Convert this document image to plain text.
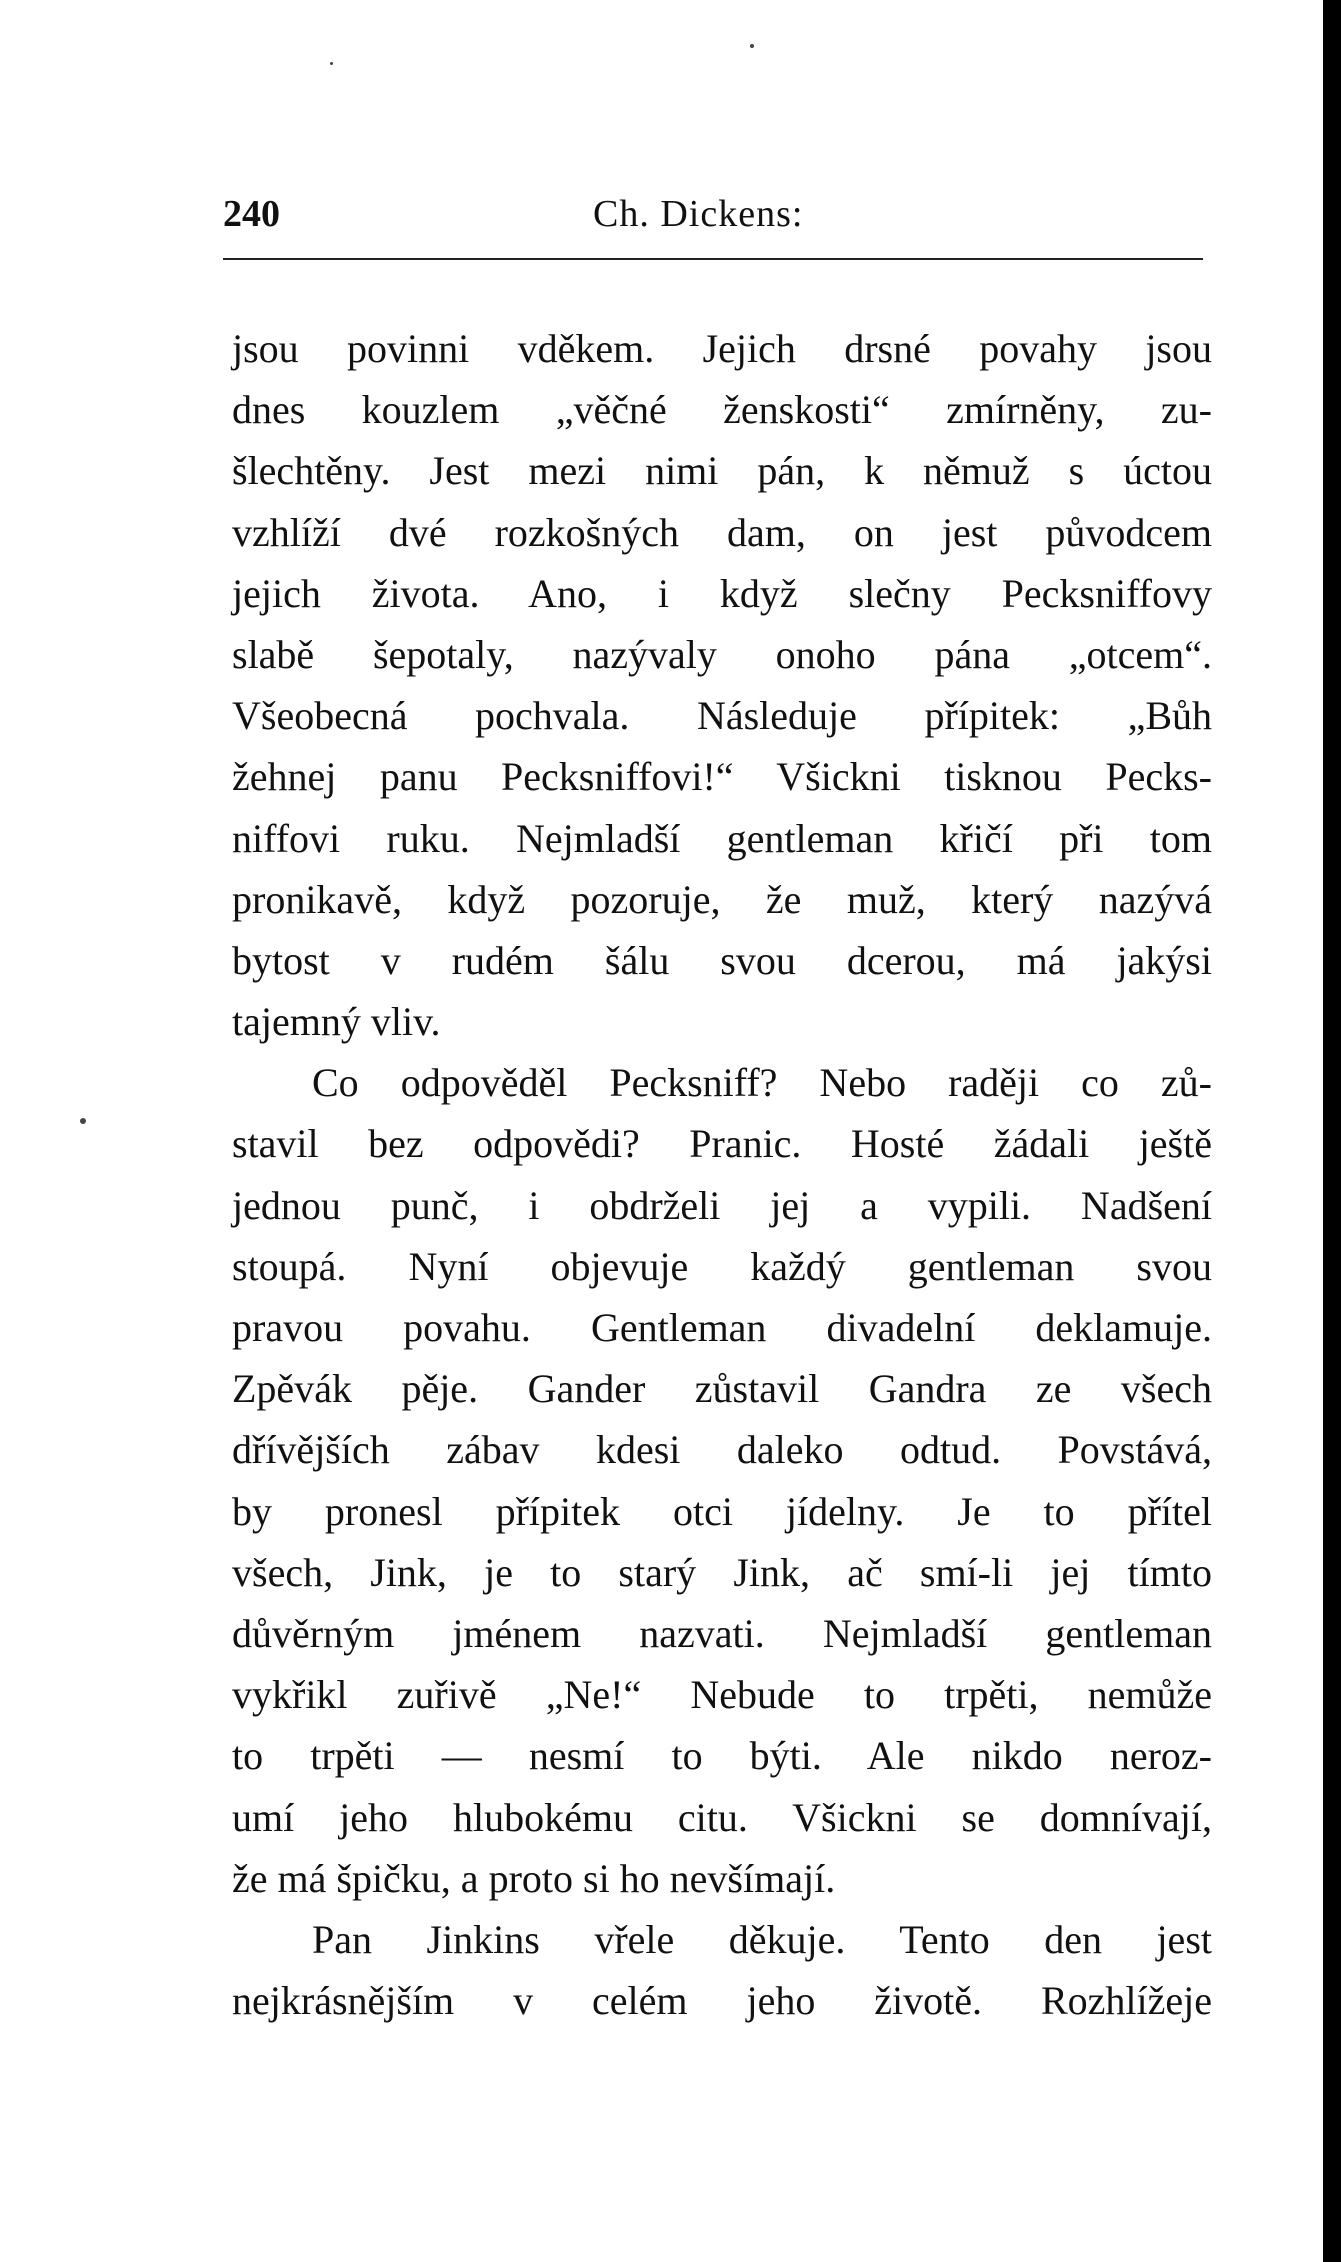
240	Ch. Dickens:
jsou povinni vděkem. Jejich drsné povahy jsou
dnes kouzlem „věčné ženskosti“ zmírněny, zu-
šlechtěny. Jest mezi nimi pán, k němuž s úctou
vzhlíží dvé rozkošných dam, on jest původcem
jejich života. Ano, i když slečny Pecksniffovy
slabě šepotaly, nazývaly onoho pána „otcem“.
Všeobecná pochvala. Následuje přípitek: „Bůh
žehnej panu Pecksniffovi!“ Všickni tisknou Pecks-
niffovi ruku. Nejmladší gentleman křičí při tom
pronikavě, když pozoruje, že muž, který nazývá
bytost v rudém šálu svou dcerou, má jakýsi
tajemný vliv.
Co odpověděl Pecksniff? Nebo raději co zů-
stavil bez odpovědi? Pranic. Hosté žádali ještě
jednou punč, i obdrželi jej a vypili. Nadšení
stoupá. Nyní objevuje každý gentleman svou
pravou povahu. Gentleman divadelní deklamuje.
Zpěvák pěje. Gander zůstavil Gandra ze všech
dřívějších zábav kdesi daleko odtud. Povstává,
by pronesl přípitek otci jídelny. Je to přítel
všech, Jink, je to starý Jink, ač smí-li jej tímto
důvěrným jménem nazvati. Nejmladší gentleman
vykřikl zuřivě „Ne!“ Nebude to trpěti, nemůže
to trpěti — nesmí to býti. Ale nikdo neroz-
umí jeho hlubokému citu. Všickni se domnívají,
že má špičku, a proto si ho nevšímají.
Pan Jinkins vřele děkuje. Tento den jest
nejkrásnějším v celém jeho životě. Rozhlížeje
